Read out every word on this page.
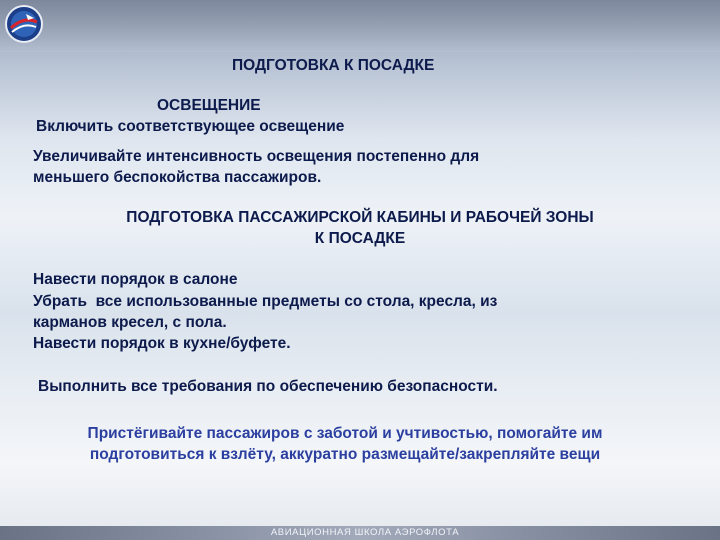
ПОДГОТОВКА К ПОСАДКЕ
ОСВЕЩЕНИЕ
Включить соответствующее освещение
Увеличивайте интенсивность освещения постепенно для
меньшего беспокойства пассажиров.
ПОДГОТОВКА ПАССАЖИРСКОЙ КАБИНЫ И РАБОЧЕЙ ЗОНЫ
К ПОСАДКЕ
Навести порядок в салоне
Убрать  все использованные предметы со стола, кресла, из
карманов кресел, с пола.
Навести порядок в кухне/буфете.
Выполнить все требования по обеспечению безопасности.
Пристёгивайте пассажиров с заботой и учтивостью, помогайте им
подготовиться к взлёту, аккуратно размещайте/закрепляйте вещи
АВИАЦИОННАЯ ШКОЛА АЭРОФЛОТА
